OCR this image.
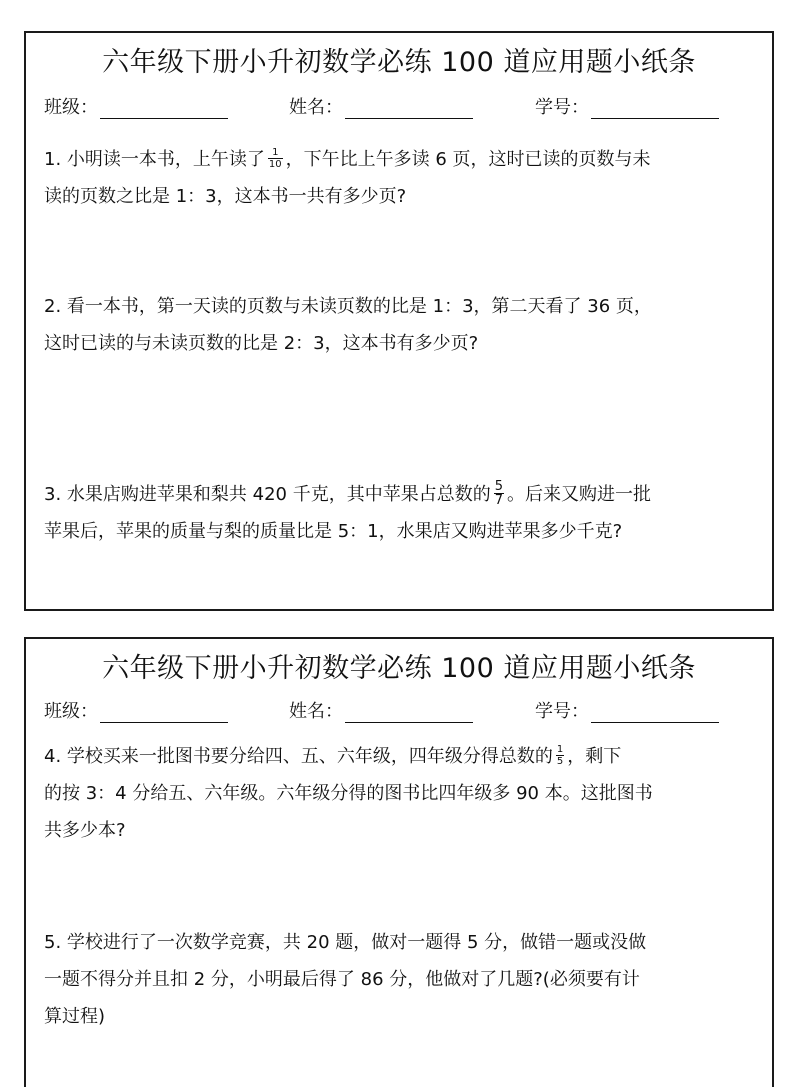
六年级下册小升初数学必练 100 道应用题小纸条
班级：	姓名：	学号：
1. 小明读一本书，上午读了 $\frac{1}{10}$ ，下午比上午多读 6 页，这时已读的页数与未
读的页数之比是 1：3，这本书一共有多少页?
2. 看一本书，第一天读的页数与未读页数的比是 1：3，第二天看了 36 页，
这时已读的与未读页数的比是 2：3，这本书有多少页?
3. 水果店购进苹果和梨共 420 千克，其中苹果占总数的 $\frac{5}{7}$ 。后来又购进一批
苹果后，苹果的质量与梨的质量比是 5：1，水果店又购进苹果多少千克?
六年级下册小升初数学必练 100 道应用题小纸条
班级：	姓名：	学号：
4. 学校买来一批图书要分给四、五、六年级，四年级分得总数的 $\frac{1}{5}$ ，剩下
的按 3：4 分给五、六年级。六年级分得的图书比四年级多 90 本。这批图书
共多少本?
5. 学校进行了一次数学竞赛，共 20 题，做对一题得 5 分，做错一题或没做
一题不得分并且扣 2 分，小明最后得了 86 分，他做对了几题?(必须要有计
算过程)
